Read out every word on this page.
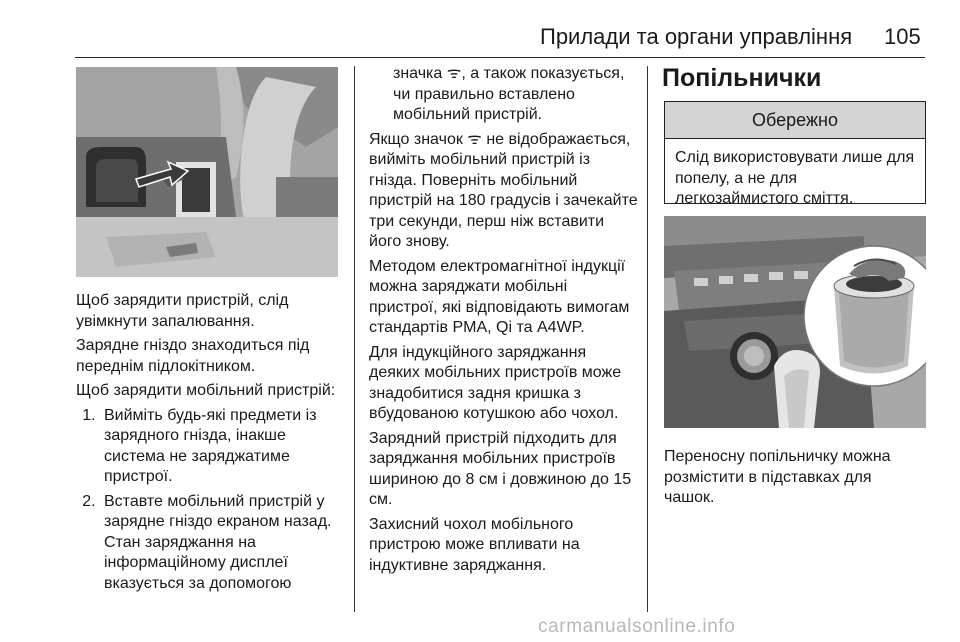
Прилади та органи управління 105

Щоб зарядити пристрій, слід увімкнути запалювання.

Зарядне гніздо знаходиться під переднім підлокітником.

Щоб зарядити мобільний пристрій:

1. Вийміть будь-які предмети із зарядного гнізда, інакше система не заряджатиме пристрої.
2. Вставте мобільний пристрій у зарядне гніздо екраном назад. Стан заряджання на інформаційному дисплеї вказується за допомогою

значка ᯤ, а також показується, чи правильно вставлено мобільний пристрій.

Якщо значок ᯤ не відображається, вийміть мобільний пристрій із гнізда. Поверніть мобільний пристрій на 180 градусів і зачекайте три секунди, перш ніж вставити його знову.

Методом електромагнітної індукції можна заряджати мобільні пристрої, які відповідають вимогам стандартів PMA, Qi та A4WP.

Для індукційного заряджання деяких мобільних пристроїв може знадобитися задня кришка з вбудованою котушкою або чохол.

Зарядний пристрій підходить для заряджання мобільних пристроїв шириною до 8 см і довжиною до 15 см.

Захисний чохол мобільного пристрою може впливати на індуктивне заряджання.

Попільнички
Обережно
Слід використовувати лише для попелу, а не для легкозаймистого сміття.

Переносну попільничку можна розмістити в підставках для чашок.

carmanualsonline.info
